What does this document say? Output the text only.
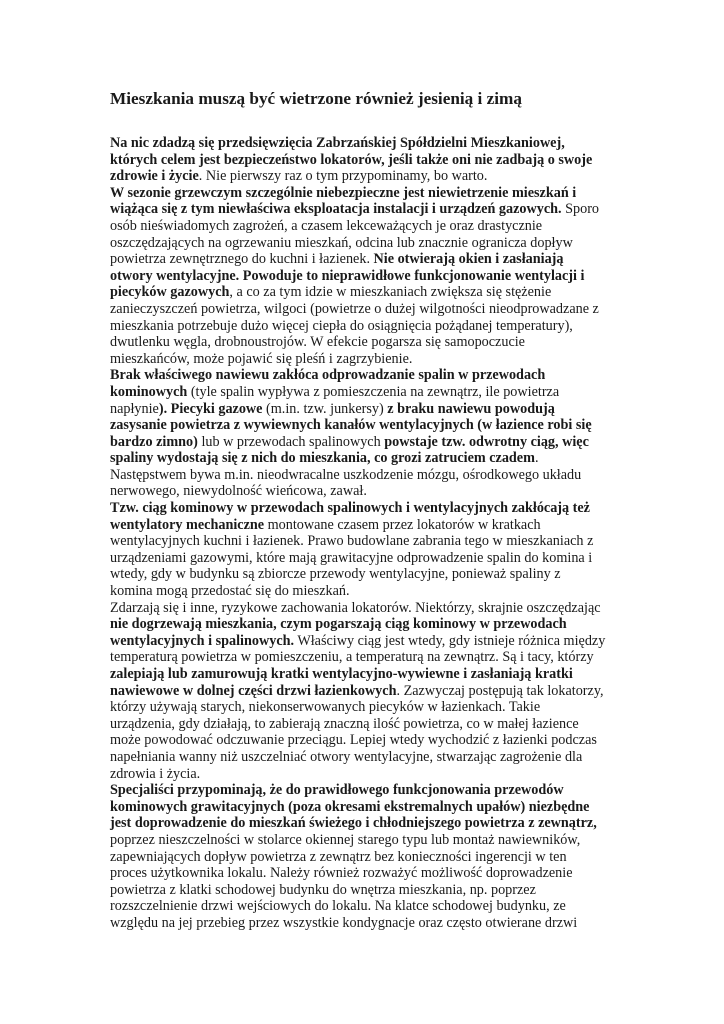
Mieszkania muszą być wietrzone również jesienią i zimą

Na nic zdadzą się przedsięwzięcia Zabrzańskiej Spółdzielni Mieszkaniowej, których celem jest bezpieczeństwo lokatorów, jeśli także oni nie zadbają o swoje zdrowie i życie. Nie pierwszy raz o tym przypominamy, bo warto.

W sezonie grzewczym szczególnie niebezpieczne jest niewietrzenie mieszkań i wiążąca się z tym niewłaściwa eksploatacja instalacji i urządzeń gazowych. Sporo osób nieświadomych zagrożeń, a czasem lekceważących je oraz drastycznie oszczędzających na ogrzewaniu mieszkań, odcina lub znacznie ogranicza dopływ powietrza zewnętrznego do kuchni i łazienek. Nie otwierają okien i zasłaniają otwory wentylacyjne. Powoduje to nieprawidłowe funkcjonowanie wentylacji i piecyków gazowych, a co za tym idzie w mieszkaniach zwiększa się stężenie zanieczyszczeń powietrza, wilgoci (powietrze o dużej wilgotności nieodprowadzane z mieszkania potrzebuje dużo więcej ciepła do osiągnięcia pożądanej temperatury), dwutlenku węgla, drobnoustrojów. W efekcie pogarsza się samopoczucie mieszkańców, może pojawić się pleśń i zagrzybienie.

Brak właściwego nawiewu zakłóca odprowadzanie spalin w przewodach kominowych (tyle spalin wypływa z pomieszczenia na zewnątrz, ile powietrza napłynie). Piecyki gazowe (m.in. tzw. junkersy) z braku nawiewu powodują zasysanie powietrza z wywiewnych kanałów wentylacyjnych (w łazience robi się bardzo zimno) lub w przewodach spalinowych powstaje tzw. odwrotny ciąg, więc spaliny wydostają się z nich do mieszkania, co grozi zatruciem czadem. Następstwem bywa m.in. nieodwracalne uszkodzenie mózgu, ośrodkowego układu nerwowego, niewydolność wieńcowa, zawał.

Tzw. ciąg kominowy w przewodach spalinowych i wentylacyjnych zakłócają też wentylatory mechaniczne montowane czasem przez lokatorów w kratkach wentylacyjnych kuchni i łazienek. Prawo budowlane zabrania tego w mieszkaniach z urządzeniami gazowymi, które mają grawitacyjne odprowadzenie spalin do komina i wtedy, gdy w budynku są zbiorcze przewody wentylacyjne, ponieważ spaliny z komina mogą przedostać się do mieszkań.

Zdarzają się i inne, ryzykowe zachowania lokatorów. Niektórzy, skrajnie oszczędzając nie dogrzewają mieszkania, czym pogarszają ciąg kominowy w przewodach wentylacyjnych i spalinowych. Właściwy ciąg jest wtedy, gdy istnieje różnica między temperaturą powietrza w pomieszczeniu, a temperaturą na zewnątrz. Są i tacy, którzy zalepiają lub zamurowują kratki wentylacyjno-wywiewne i zasłaniają kratki nawiewowe w dolnej części drzwi łazienkowych. Zazwyczaj postępują tak lokatorzy, którzy używają starych, niekonserwowanych piecyków w łazienkach. Takie urządzenia, gdy działają, to zabierają znaczną ilość powietrza, co w małej łazience może powodować odczuwanie przeciągu. Lepiej wtedy wychodzić z łazienki podczas napełniania wanny niż uszczelniać otwory wentylacyjne, stwarzając zagrożenie dla zdrowia i życia.

Specjaliści przypominają, że do prawidłowego funkcjonowania przewodów kominowych grawitacyjnych (poza okresami ekstremalnych upałów) niezbędne jest doprowadzenie do mieszkań świeżego i chłodniejszego powietrza z zewnątrz, poprzez nieszczelności w stolarce okiennej starego typu lub montaż nawiewników, zapewniających dopływ powietrza z zewnątrz bez konieczności ingerencji w ten proces użytkownika lokalu. Należy również rozważyć możliwość doprowadzenie powietrza z klatki schodowej budynku do wnętrza mieszkania, np. poprzez rozszczelnienie drzwi wejściowych do lokalu. Na klatce schodowej budynku, ze względu na jej przebieg przez wszystkie kondygnacje oraz często otwierane drzwi
